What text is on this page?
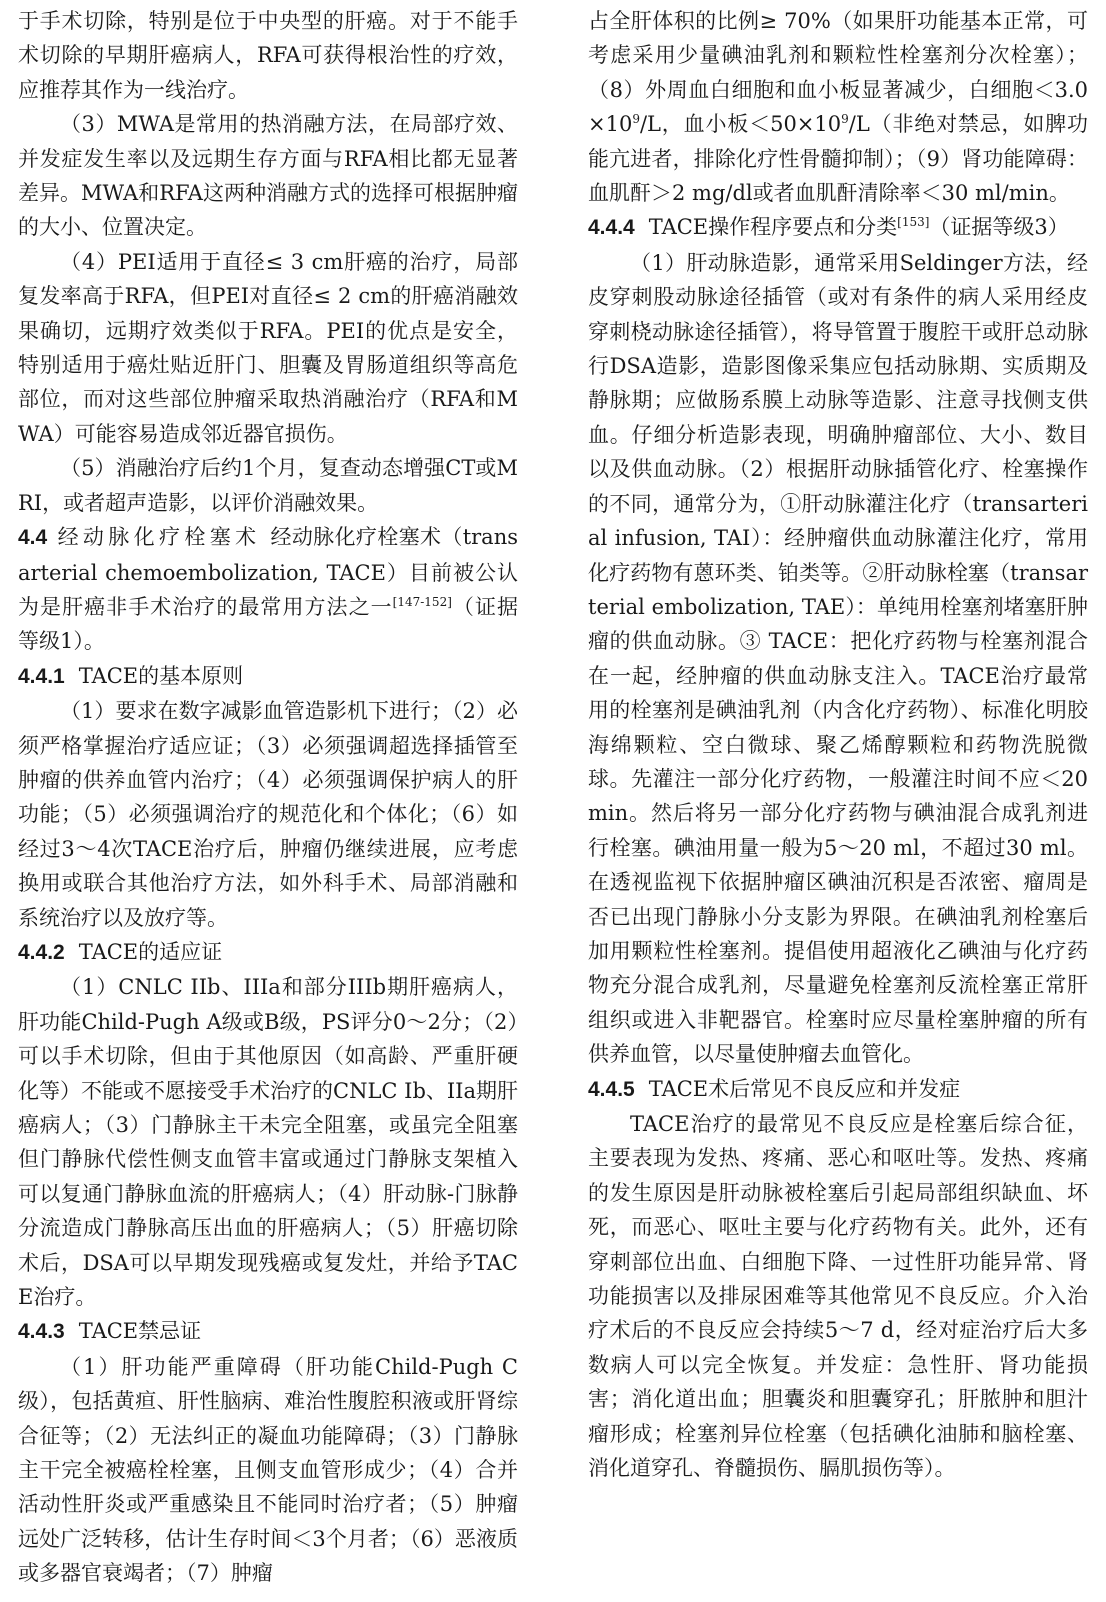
于手术切除，特别是位于中央型的肝癌。对于不能手术切除的早期肝癌病人，RFA可获得根治性的疗效，应推荐其作为一线治疗。

（3）MWA是常用的热消融方法，在局部疗效、并发症发生率以及远期生存方面与RFA相比都无显著差异。MWA和RFA这两种消融方式的选择可根据肿瘤的大小、位置决定。

（4）PEI适用于直径≤ 3 cm肝癌的治疗，局部复发率高于RFA，但PEI对直径≤ 2 cm的肝癌消融效果确切，远期疗效类似于RFA。PEI的优点是安全，特别适用于癌灶贴近肝门、胆囊及胃肠道组织等高危部位，而对这些部位肿瘤采取热消融治疗（RFA和MWA）可能容易造成邻近器官损伤。

（5）消融治疗后约1个月，复查动态增强CT或MRI，或者超声造影，以评价消融效果。

4.4 经动脉化疗栓塞术 经动脉化疗栓塞术（transarterial chemoembolization, TACE）目前被公认为是肝癌非手术治疗的最常用方法之一[147-152]（证据等级1）。

4.4.1 TACE的基本原则

（1）要求在数字减影血管造影机下进行；（2）必须严格掌握治疗适应证；（3）必须强调超选择插管至肿瘤的供养血管内治疗；（4）必须强调保护病人的肝功能；（5）必须强调治疗的规范化和个体化；（6）如经过3～4次TACE治疗后，肿瘤仍继续进展，应考虑换用或联合其他治疗方法，如外科手术、局部消融和系统治疗以及放疗等。

4.4.2 TACE的适应证

（1）CNLC IIb、IIIa和部分IIIb期肝癌病人，肝功能Child-Pugh A级或B级，PS评分0～2分；（2）可以手术切除，但由于其他原因（如高龄、严重肝硬化等）不能或不愿接受手术治疗的CNLC Ib、IIa期肝癌病人；（3）门静脉主干未完全阻塞，或虽完全阻塞但门静脉代偿性侧支血管丰富或通过门静脉支架植入可以复通门静脉血流的肝癌病人；（4）肝动脉-门脉静分流造成门静脉高压出血的肝癌病人；（5）肝癌切除术后，DSA可以早期发现残癌或复发灶，并给予TACE治疗。

4.4.3 TACE禁忌证

（1）肝功能严重障碍（肝功能Child-Pugh C级），包括黄疸、肝性脑病、难治性腹腔积液或肝肾综合征等；（2）无法纠正的凝血功能障碍；（3）门静脉主干完全被癌栓栓塞，且侧支血管形成少；（4）合并活动性肝炎或严重感染且不能同时治疗者；（5）肿瘤远处广泛转移，估计生存时间＜3个月者；（6）恶液质或多器官衰竭者；（7）肿瘤

占全肝体积的比例≥ 70%（如果肝功能基本正常，可考虑采用少量碘油乳剂和颗粒性栓塞剂分次栓塞）；（8）外周血白细胞和血小板显著减少，白细胞$<3.0\times 10^9/L$，血小板$<50\times 10^9/L$（非绝对禁忌，如脾功能亢进者，排除化疗性骨髓抑制）；（9）肾功能障碍：血肌酐＞2 mg/dl或者血肌酐清除率＜30 ml/min。

4.4.4 TACE操作程序要点和分类[153]（证据等级3）

（1）肝动脉造影，通常采用Seldinger方法，经皮穿刺股动脉途径插管（或对有条件的病人采用经皮穿刺桡动脉途径插管），将导管置于腹腔干或肝总动脉行DSA造影，造影图像采集应包括动脉期、实质期及静脉期；应做肠系膜上动脉等造影、注意寻找侧支供血。仔细分析造影表现，明确肿瘤部位、大小、数目以及供血动脉。（2）根据肝动脉插管化疗、栓塞操作的不同，通常分为，①肝动脉灌注化疗（transarterial infusion, TAI）：经肿瘤供血动脉灌注化疗，常用化疗药物有蒽环类、铂类等。②肝动脉栓塞（transarterial embolization, TAE）：单纯用栓塞剂堵塞肝肿瘤的供血动脉。③ TACE：把化疗药物与栓塞剂混合在一起，经肿瘤的供血动脉支注入。TACE治疗最常用的栓塞剂是碘油乳剂（内含化疗药物）、标准化明胶海绵颗粒、空白微球、聚乙烯醇颗粒和药物洗脱微球。先灌注一部分化疗药物，一般灌注时间不应＜20 min。然后将另一部分化疗药物与碘油混合成乳剂进行栓塞。碘油用量一般为5～20 ml，不超过30 ml。在透视监视下依据肿瘤区碘油沉积是否浓密、瘤周是否已出现门静脉小分支影为界限。在碘油乳剂栓塞后加用颗粒性栓塞剂。提倡使用超液化乙碘油与化疗药物充分混合成乳剂，尽量避免栓塞剂反流栓塞正常肝组织或进入非靶器官。栓塞时应尽量栓塞肿瘤的所有供养血管，以尽量使肿瘤去血管化。

4.4.5 TACE术后常见不良反应和并发症

TACE治疗的最常见不良反应是栓塞后综合征，主要表现为发热、疼痛、恶心和呕吐等。发热、疼痛的发生原因是肝动脉被栓塞后引起局部组织缺血、坏死，而恶心、呕吐主要与化疗药物有关。此外，还有穿刺部位出血、白细胞下降、一过性肝功能异常、肾功能损害以及排尿困难等其他常见不良反应。介入治疗术后的不良反应会持续5～7 d，经对症治疗后大多数病人可以完全恢复。并发症：急性肝、肾功能损害；消化道出血；胆囊炎和胆囊穿孔；肝脓肿和胆汁瘤形成；栓塞剂异位栓塞（包括碘化油肺和脑栓塞、消化道穿孔、脊髓损伤、膈肌损伤等）。
